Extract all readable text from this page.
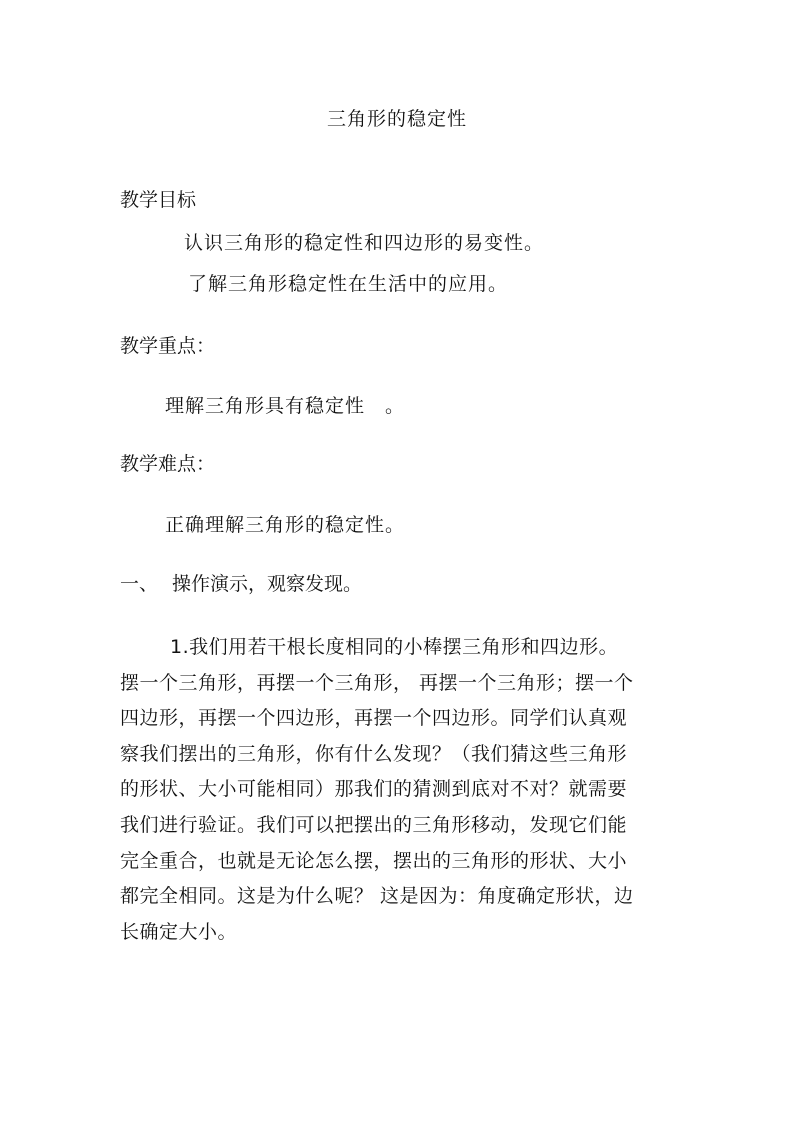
三角形的稳定性
教学目标
认识三角形的稳定性和四边形的易变性。
了解三角形稳定性在生活中的应用。
教学重点：
理解三角形具有稳定性　。
教学难点：
正确理解三角形的稳定性。
一、 操作演示，观察发现。
1.我们用若干根长度相同的小棒摆三角形和四边形。
摆一个三角形，再摆一个三角形， 再摆一个三角形；摆一个
四边形，再摆一个四边形，再摆一个四边形。同学们认真观
察我们摆出的三角形，你有什么发现？（我们猜这些三角形
的形状、大小可能相同）那我们的猜测到底对不对？就需要
我们进行验证。我们可以把摆出的三角形移动，发现它们能
完全重合，也就是无论怎么摆，摆出的三角形的形状、大小
都完全相同。这是为什么呢？ 这是因为：角度确定形状，边
长确定大小。
